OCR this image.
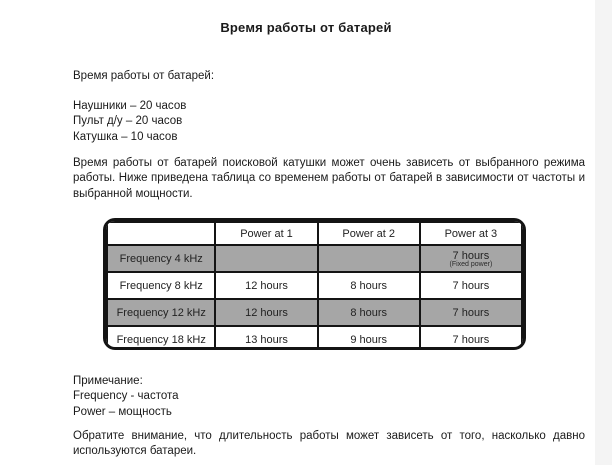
Время работы от батарей
Время работы от батарей:
Наушники – 20 часов
Пульт д/у – 20 часов
Катушка – 10 часов
Время работы от батарей поисковой катушки может очень зависеть от выбранного режима работы. Ниже приведена таблица со временем работы от батарей в зависимости от частоты и выбранной мощности.
	Power at 1	Power at 2	Power at 3
Frequency 4 kHz			7 hours
(Fixed power)

Frequency 8 kHz	12 hours	8 hours	7 hours
Frequency 12 kHz	12 hours	8 hours	7 hours
Frequency 18 kHz	13 hours	9 hours	7 hours
Примечание:
Frequency - частота
Power – мощность
Обратите внимание, что длительность работы может зависеть от того, насколько давно используются батареи.
